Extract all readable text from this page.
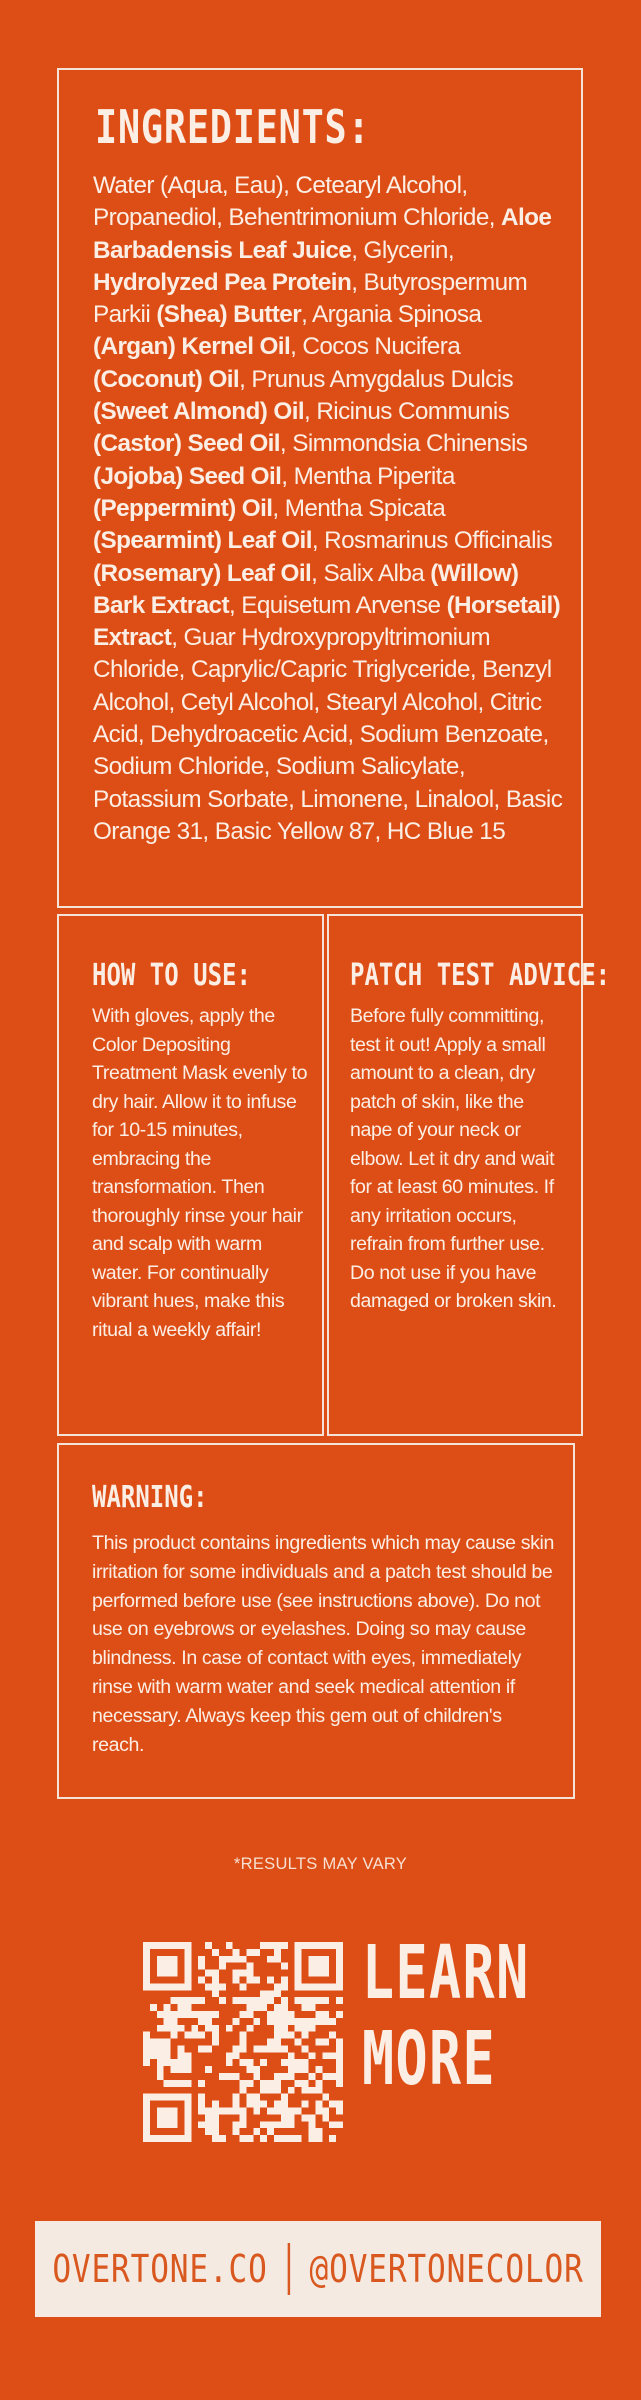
INGREDIENTS:
Water (Aqua, Eau), Cetearyl Alcohol, Propanediol, Behentrimonium Chloride, Aloe Barbadensis Leaf Juice, Glycerin, Hydrolyzed Pea Protein, Butyrospermum Parkii (Shea) Butter, Argania Spinosa (Argan) Kernel Oil, Cocos Nucifera (Coconut) Oil, Prunus Amygdalus Dulcis (Sweet Almond) Oil, Ricinus Communis (Castor) Seed Oil, Simmondsia Chinensis (Jojoba) Seed Oil, Mentha Piperita (Peppermint) Oil, Mentha Spicata (Spearmint) Leaf Oil, Rosmarinus Officinalis (Rosemary) Leaf Oil, Salix Alba (Willow) Bark Extract, Equisetum Arvense (Horsetail) Extract, Guar Hydroxypropyltrimonium Chloride, Caprylic/Capric Triglyceride, Benzyl Alcohol, Cetyl Alcohol, Stearyl Alcohol, Citric Acid, Dehydroacetic Acid, Sodium Benzoate, Sodium Chloride, Sodium Salicylate, Potassium Sorbate, Limonene, Linalool, Basic Orange 31, Basic Yellow 87, HC Blue 15
HOW TO USE:
With gloves, apply the Color Depositing Treatment Mask evenly to dry hair. Allow it to infuse for 10-15 minutes, embracing the transformation. Then thoroughly rinse your hair and scalp with warm water. For continually vibrant hues, make this ritual a weekly affair!
PATCH TEST ADVICE:
Before fully committing, test it out! Apply a small amount to a clean, dry patch of skin, like the nape of your neck or elbow. Let it dry and wait for at least 60 minutes. If any irritation occurs, refrain from further use. Do not use if you have damaged or broken skin.
WARNING:
This product contains ingredients which may cause skin irritation for some individuals and a patch test should be performed before use (see instructions above). Do not use on eyebrows or eyelashes. Doing so may cause blindness. In case of contact with eyes, immediately rinse with warm water and seek medical attention if necessary. Always keep this gem out of children's reach.
*RESULTS MAY VARY
LEARN
MORE
OVERTONE.CO @OVERTONECOLOR
